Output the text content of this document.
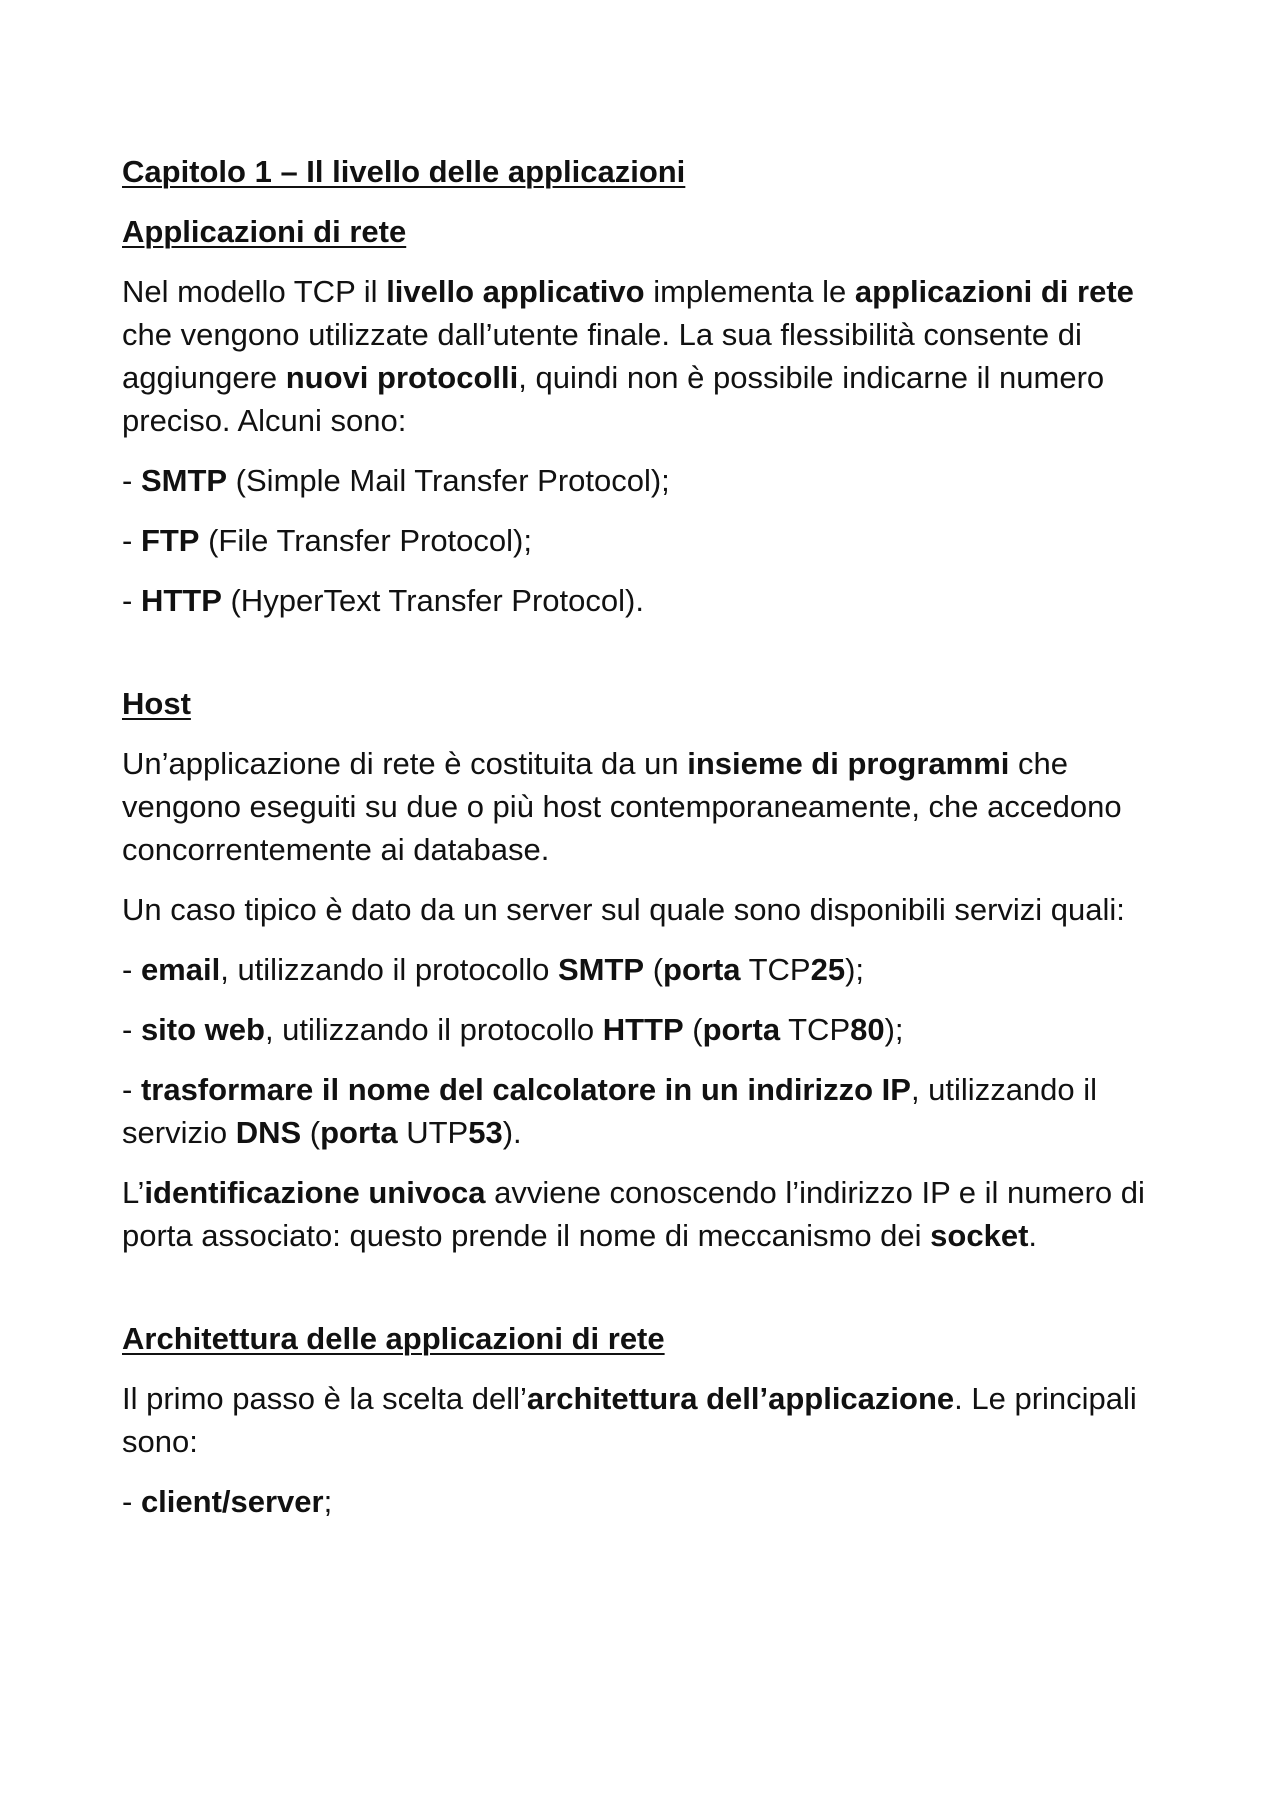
Capitolo 1 – Il livello delle applicazioni

Applicazioni di rete

Nel modello TCP il livello applicativo implementa le applicazioni di rete che vengono utilizzate dall’utente finale. La sua flessibilità consente di aggiungere nuovi protocolli, quindi non è possibile indicarne il numero preciso. Alcuni sono:

- SMTP (Simple Mail Transfer Protocol);

- FTP (File Transfer Protocol);

- HTTP (HyperText Transfer Protocol).

Host

Un’applicazione di rete è costituita da un insieme di programmi che vengono eseguiti su due o più host contemporaneamente, che accedono concorrentemente ai database.

Un caso tipico è dato da un server sul quale sono disponibili servizi quali:

- email, utilizzando il protocollo SMTP (porta TCP25);

- sito web, utilizzando il protocollo HTTP (porta TCP80);

- trasformare il nome del calcolatore in un indirizzo IP, utilizzando il servizio DNS (porta UTP53).

L’identificazione univoca avviene conoscendo l’indirizzo IP e il numero di porta associato: questo prende il nome di meccanismo dei socket.

Architettura delle applicazioni di rete

Il primo passo è la scelta dell’architettura dell’applicazione. Le principali sono:

- client/server;
